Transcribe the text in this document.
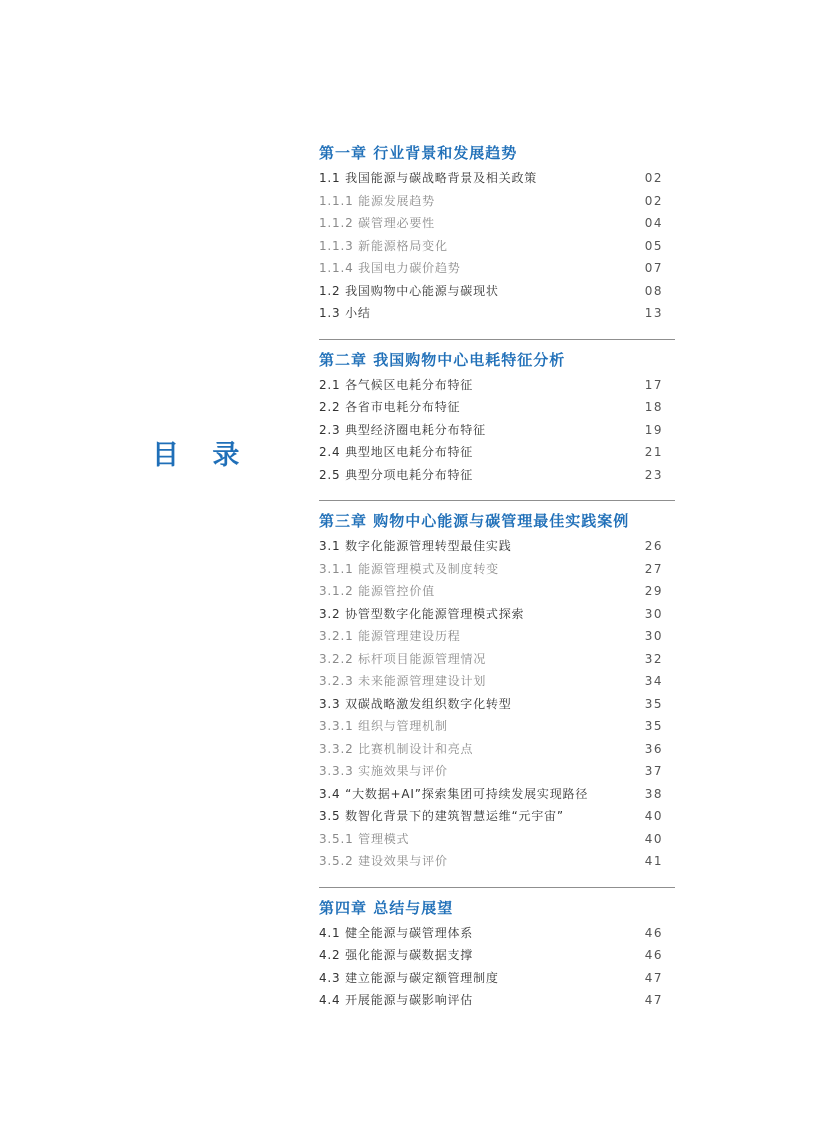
目 录
第一章 行业背景和发展趋势
1.1 我国能源与碳战略背景及相关政策	02
1.1.1 能源发展趋势	02
1.1.2 碳管理必要性	04
1.1.3 新能源格局变化	05
1.1.4 我国电力碳价趋势	07
1.2 我国购物中心能源与碳现状	08
1.3 小结	13
第二章 我国购物中心电耗特征分析
2.1 各气候区电耗分布特征	17
2.2 各省市电耗分布特征	18
2.3 典型经济圈电耗分布特征	19
2.4 典型地区电耗分布特征	21
2.5 典型分项电耗分布特征	23
第三章 购物中心能源与碳管理最佳实践案例
3.1 数字化能源管理转型最佳实践	26
3.1.1 能源管理模式及制度转变	27
3.1.2 能源管控价值	29
3.2 协管型数字化能源管理模式探索	30
3.2.1 能源管理建设历程	30
3.2.2 标杆项目能源管理情况	32
3.2.3 未来能源管理建设计划	34
3.3 双碳战略激发组织数字化转型	35
3.3.1 组织与管理机制	35
3.3.2 比赛机制设计和亮点	36
3.3.3 实施效果与评价	37
3.4 “大数据+AI”探索集团可持续发展实现路径	38
3.5 数智化背景下的建筑智慧运维“元宇宙”	40
3.5.1 管理模式	40
3.5.2 建设效果与评价	41
第四章 总结与展望
4.1 健全能源与碳管理体系	46
4.2 强化能源与碳数据支撑	46
4.3 建立能源与碳定额管理制度	47
4.4 开展能源与碳影响评估	47
